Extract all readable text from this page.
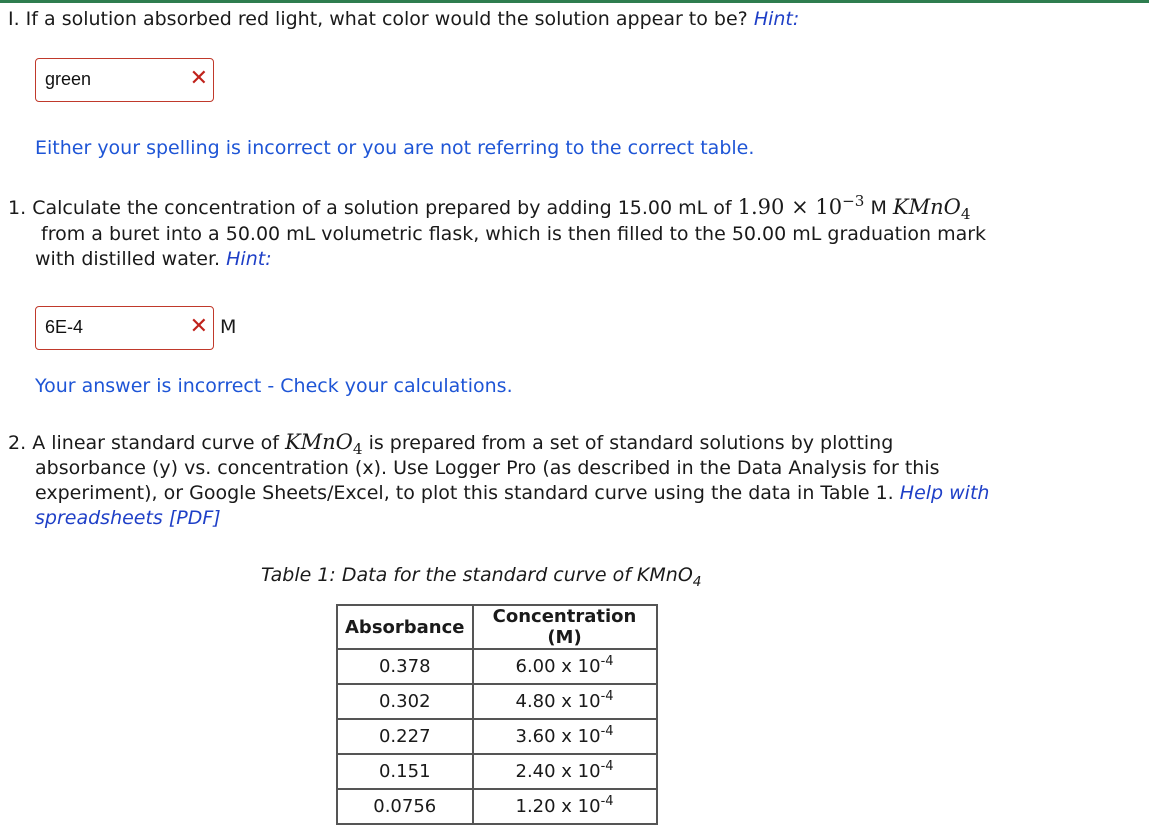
I. If a solution absorbed red light, what color would the solution appear to be? Hint:
green	✕
Either your spelling is incorrect or you are not referring to the correct table.
1. Calculate the concentration of a solution prepared by adding 15.00 mL of $1.90 \times 10^{-3}$ M KMnO$_4$
from a buret into a 50.00 mL volumetric flask, which is then filled to the 50.00 mL graduation mark
with distilled water. Hint:
6E-4	✕ M
Your answer is incorrect - Check your calculations.
2. A linear standard curve of KMnO$_4$ is prepared from a set of standard solutions by plotting
absorbance (y) vs. concentration (x). Use Logger Pro (as described in the Data Analysis for this
experiment), or Google Sheets/Excel, to plot this standard curve using the data in Table 1. Help with
spreadsheets [PDF]
Table 1: Data for the standard curve of KMnO$_4$
Absorbance	Concentration (M)
0.378	6.00 x $10^{-4}$
0.302	4.80 x $10^{-4}$
0.227	3.60 x $10^{-4}$
0.151	2.40 x $10^{-4}$
0.0756	1.20 x $10^{-4}$
